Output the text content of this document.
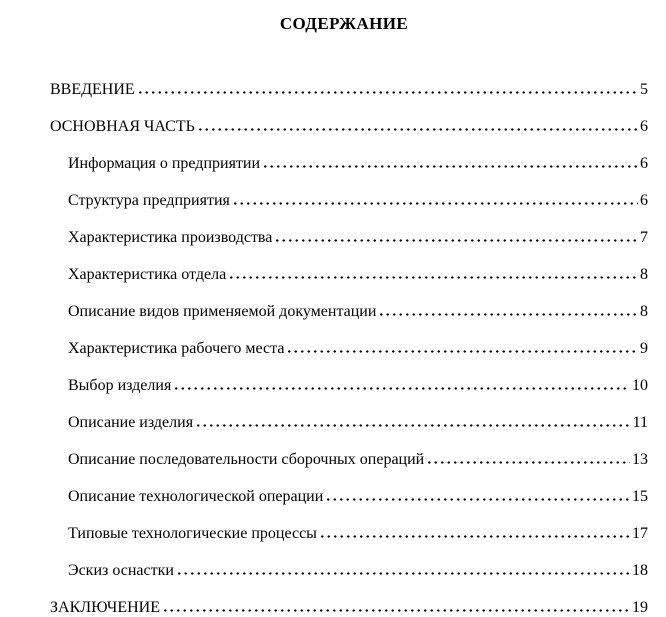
СОДЕРЖАНИЕ
ВВЕДЕНИЕ	5
ОСНОВНАЯ ЧАСТЬ	6
Информация о предприятии	6
Структура предприятия	6
Характеристика производства	7
Характеристика отдела	8
Описание видов применяемой документации	8
Характеристика рабочего места	9
Выбор изделия	10
Описание изделия	11
Описание последовательности сборочных операций	13
Описание технологической операции	15
Типовые технологические процессы	17
Эскиз оснастки	18
ЗАКЛЮЧЕНИЕ	19
